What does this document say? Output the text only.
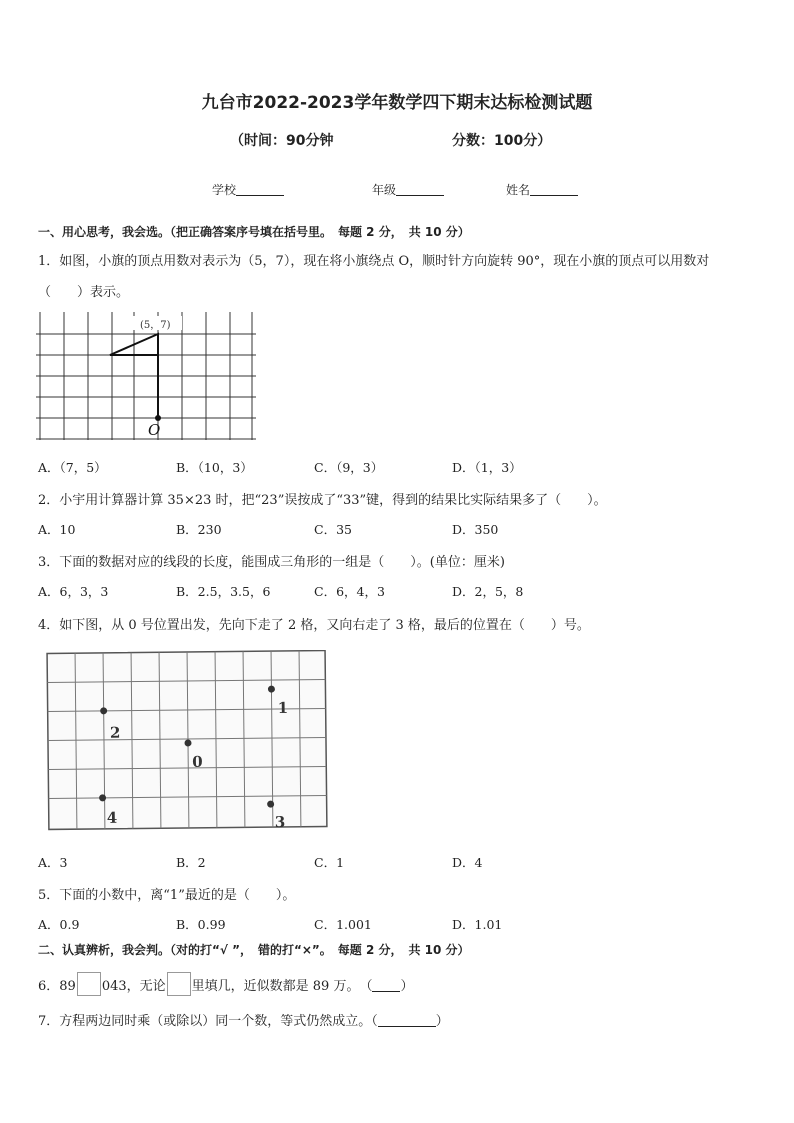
九台市2022-2023学年数学四下期末达标检测试题
（时间：90分钟	分数：100分）
学校	年级	姓名
一、用心思考，我会选。（把正确答案序号填在括号里。　每题 2 分，　共 10 分）
1．如图，小旗的顶点用数对表示为（5，7），现在将小旗绕点 O，顺时针方向旋转 90°，现在小旗的顶点可以用数对
（　　）表示。
(5，7)
O
A．（7，5）	B．（10，3）	C．（9，3）	D．（1，3）
2．小宇用计算器计算 35×23 时，把“23”误按成了“33”键，得到的结果比实际结果多了（　　）。
A．10	B．230	C．35	D．350
3．下面的数据对应的线段的长度，能围成三角形的一组是（　　）。(单位：厘米)
A．6，3，3	B．2.5，3.5，6	C．6，4，3	D．2，5，8
4．如下图，从 0 号位置出发，先向下走了 2 格，又向右走了 3 格，最后的位置在（　　）号。
1
2
0
4	3
A．3	B．2	C．1	D．4
5．下面的小数中，离“1”最近的是（　　）。
A．0.9	B．0.99	C．1.001	D．1.01
二、认真辨析，我会判。（对的打“√ ”，　错的打“×”。　每题 2 分，　共 10 分）
6．89 043，无论 里填几，近似数都是 89 万。　（ ）
7．方程两边同时乘（或除以）同一个数，等式仍然成立。（	）
